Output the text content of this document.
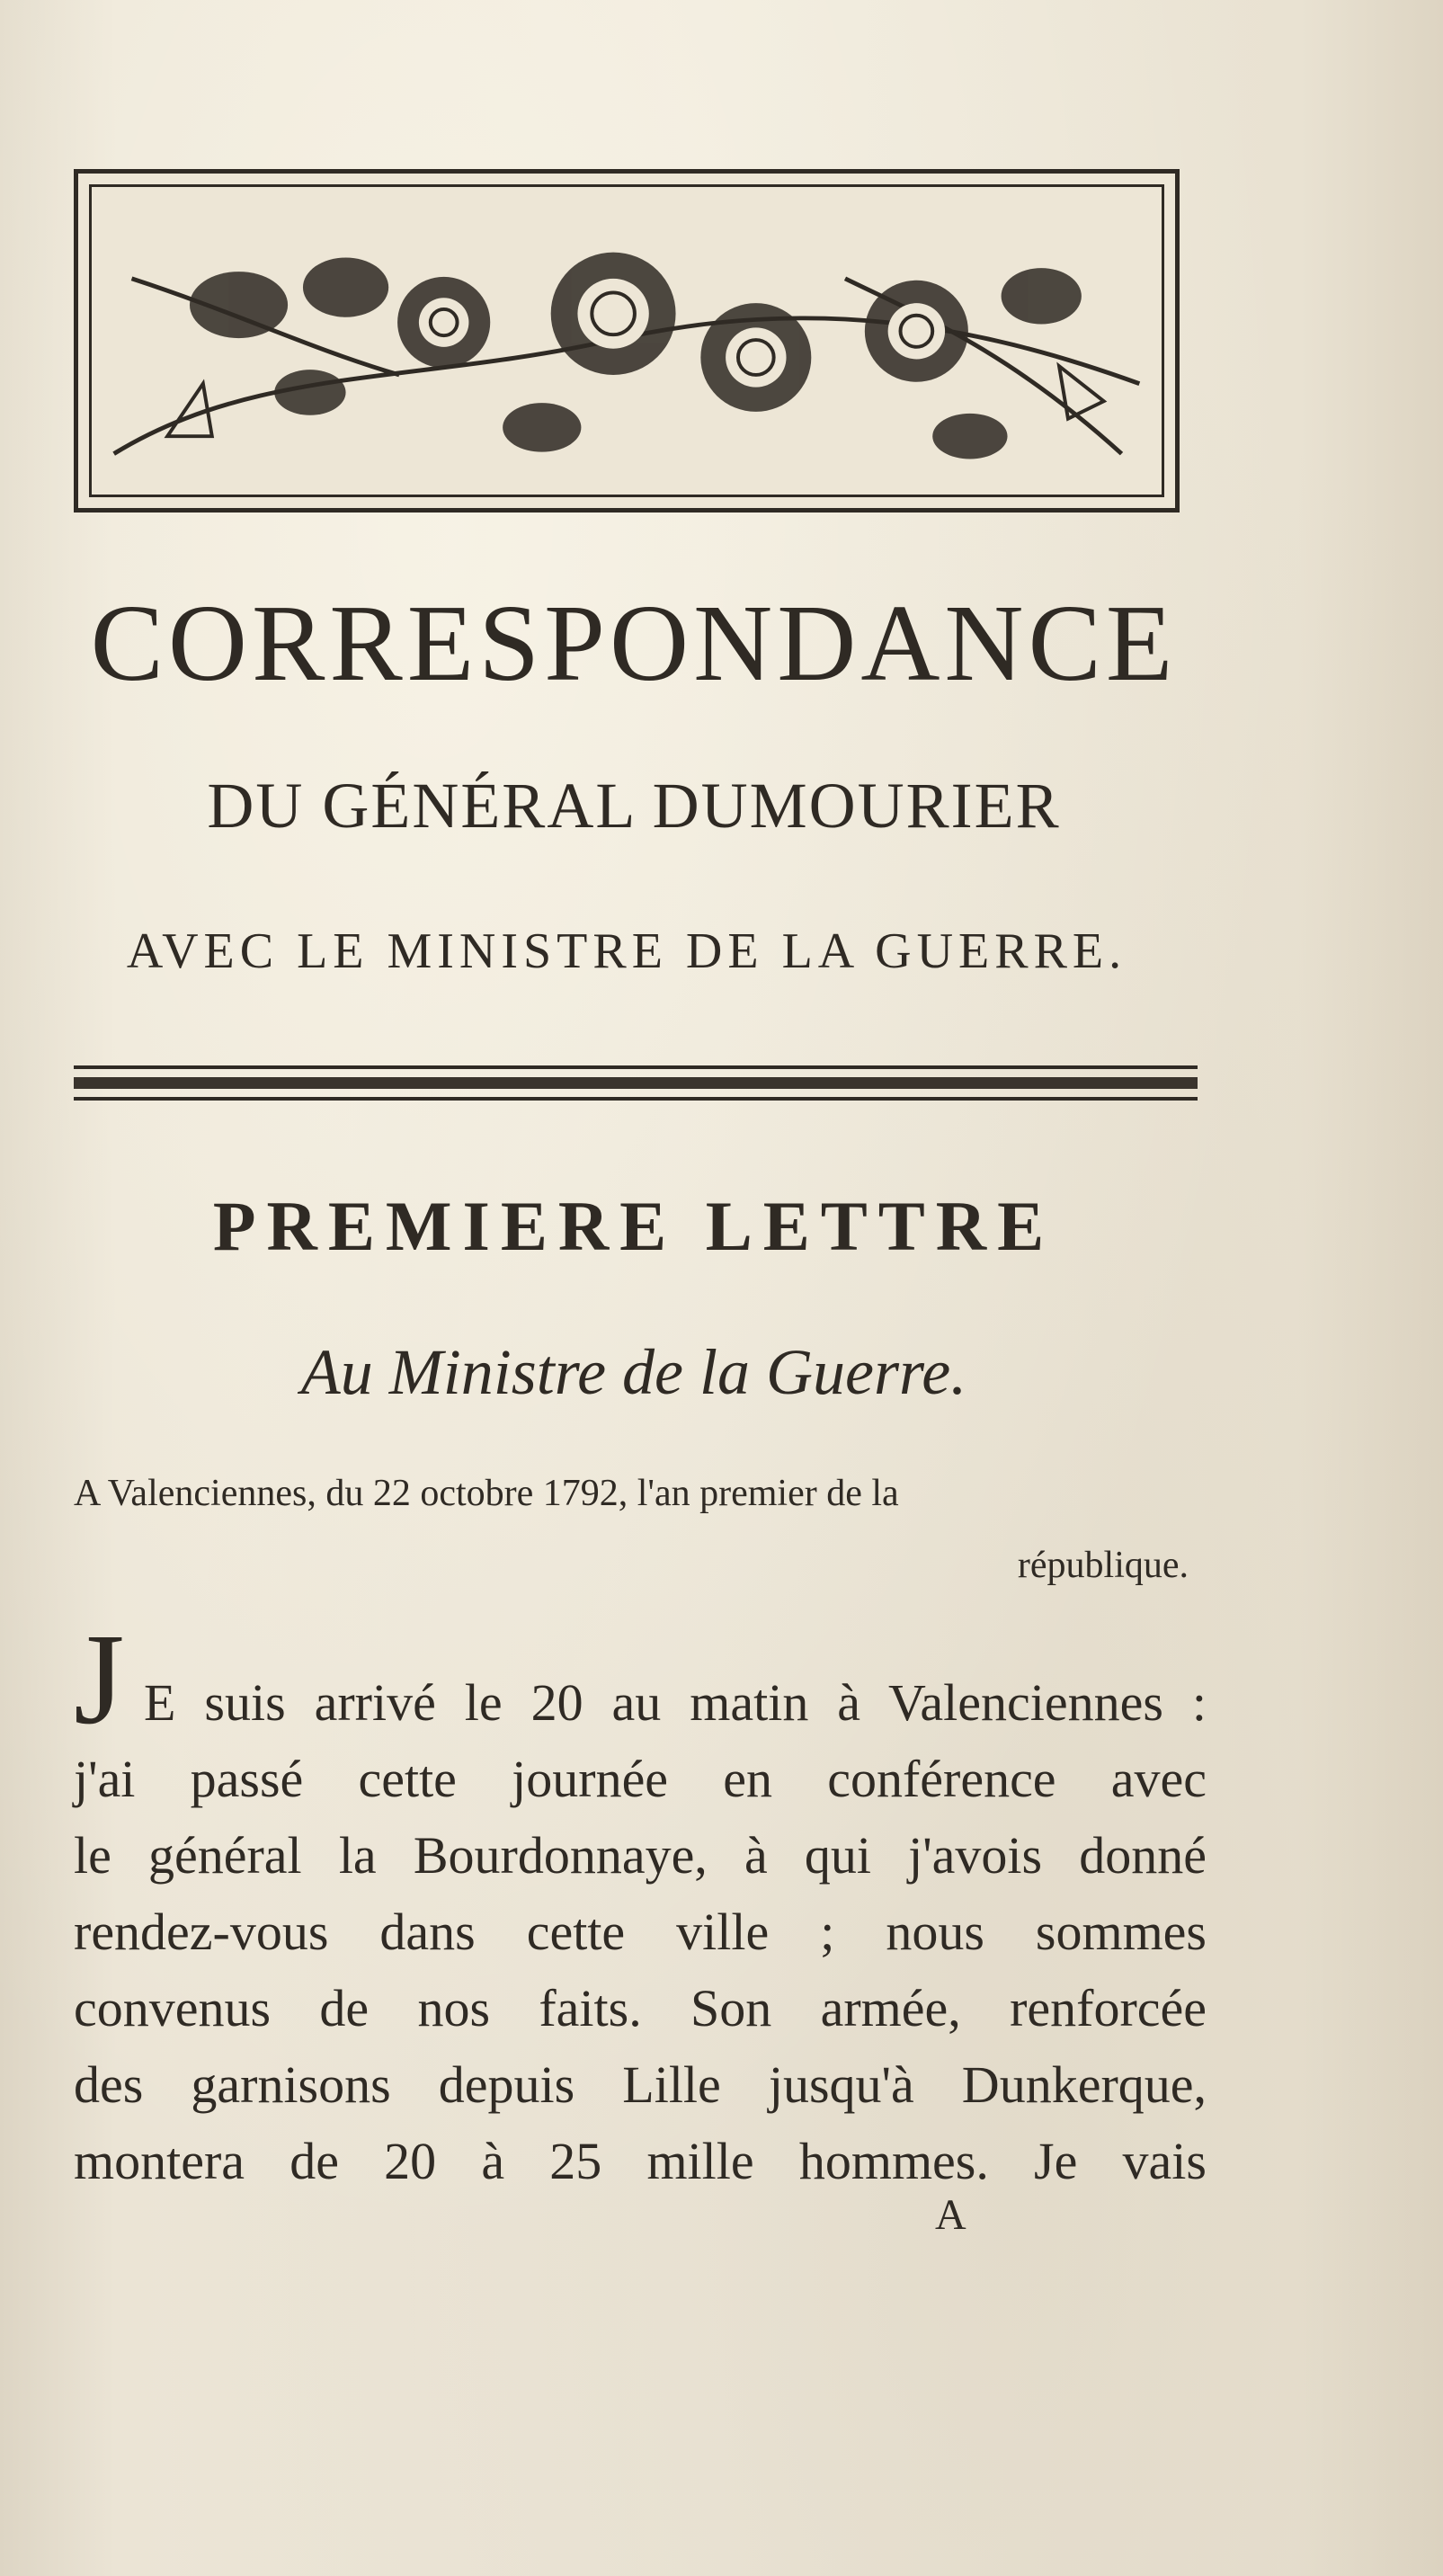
CORRESPONDANCE
DU GÉNÉRAL DUMOURIER
AVEC LE MINISTRE DE LA GUERRE.
PREMIERE LETTRE
Au Ministre de la Guerre.
A Valenciennes, du 22 octobre 1792, l'an premier de la
république.
J E suis arrivé le 20 au matin à Valenciennes :
j'ai passé cette journée en conférence avec
le général la Bourdonnaye, à qui j'avois donné
rendez-vous dans cette ville ; nous sommes
convenus de nos faits. Son armée, renforcée
des garnisons depuis Lille jusqu'à Dunkerque,
montera de 20 à 25 mille hommes. Je vais
A
